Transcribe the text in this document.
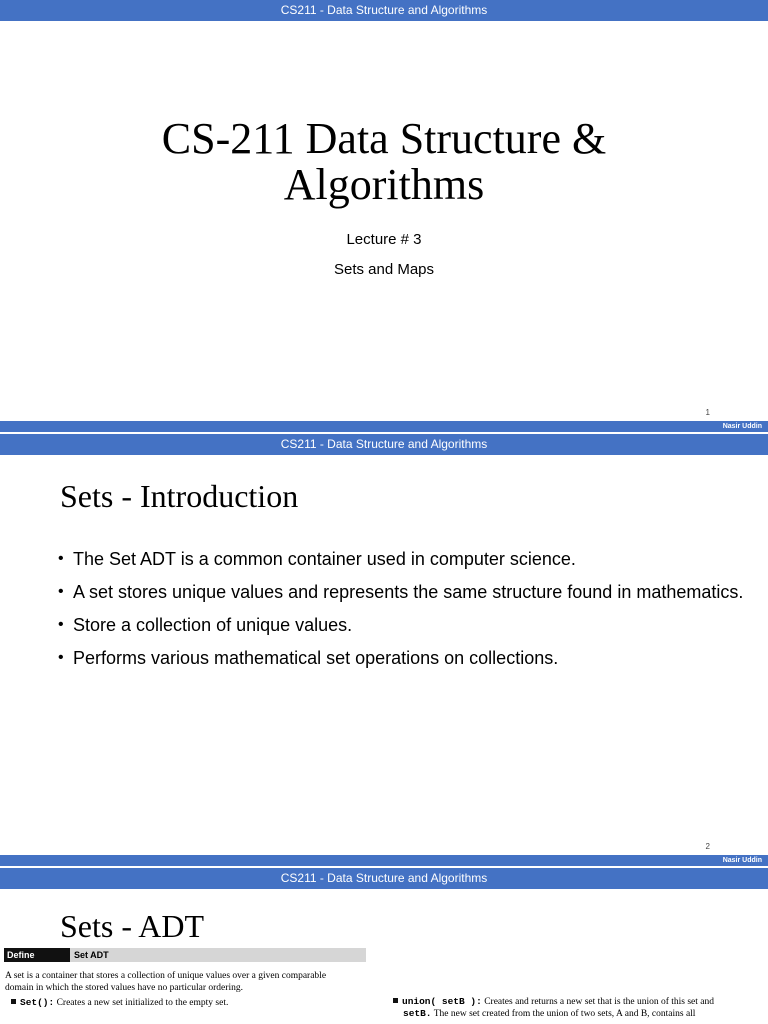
CS211 - Data Structure and Algorithms
CS-211 Data Structure &
Algorithms
Lecture # 3
Sets and Maps
1
Nasir Uddin
CS211 - Data Structure and Algorithms
Sets - Introduction
• The Set ADT is a common container used in computer science.
• A set stores unique values and represents the same structure found in mathematics.
• Store a collection of unique values.
• Performs various mathematical set operations on collections.
2
Nasir Uddin
CS211 - Data Structure and Algorithms
Sets - ADT
Define	Set ADT
A set is a container that stores a collection of unique values over a given comparable
domain in which the stored values have no particular ordering.
Set(): Creates a new set initialized to the empty set.	union( setB ): Creates and returns a new set that is the union of this set and
setB. The new set created from the union of two sets, A and B, contains all
